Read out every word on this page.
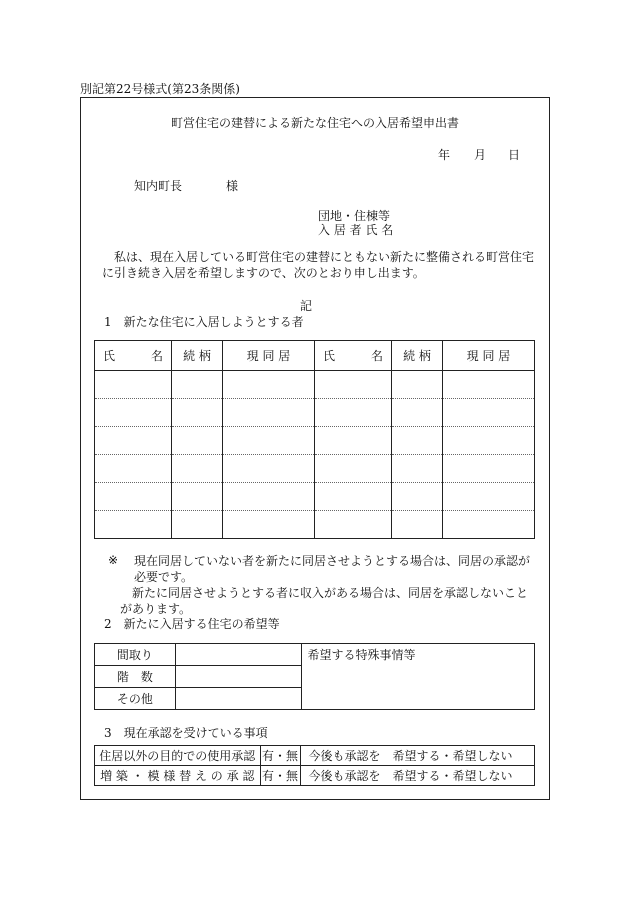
別記第22号様式(第23条関係)
町営住宅の建替による新たな住宅への入居希望申出書
年 月 日
知内町長	様
団地・住棟等
入 居 者 氏 名
私は、現在入居している町営住宅の建替にともない新たに整備される町営住宅に引き続き入居を希望しますので、次のとおり申し出ます。
記
1　新たな住宅に入居しようとする者
氏 名	続 柄	現 同 居	氏 名	続 柄	現 同 居

※ 現在同居していない者を新たに同居させようとする場合は、同居の承認が必要です。
新たに同居させようとする者に収入がある場合は、同居を承認しないことがあります。
2　新たに入居する住宅の希望等
間取り		希望する特殊事情等
階　数		
その他		
3　現在承認を受けている事項
住居以外の目的での使用承認	有・無	今後も承認を　希望する・希望しない
増 築 ・ 模 様 替 え の 承 認	有・無	今後も承認を　希望する・希望しない
